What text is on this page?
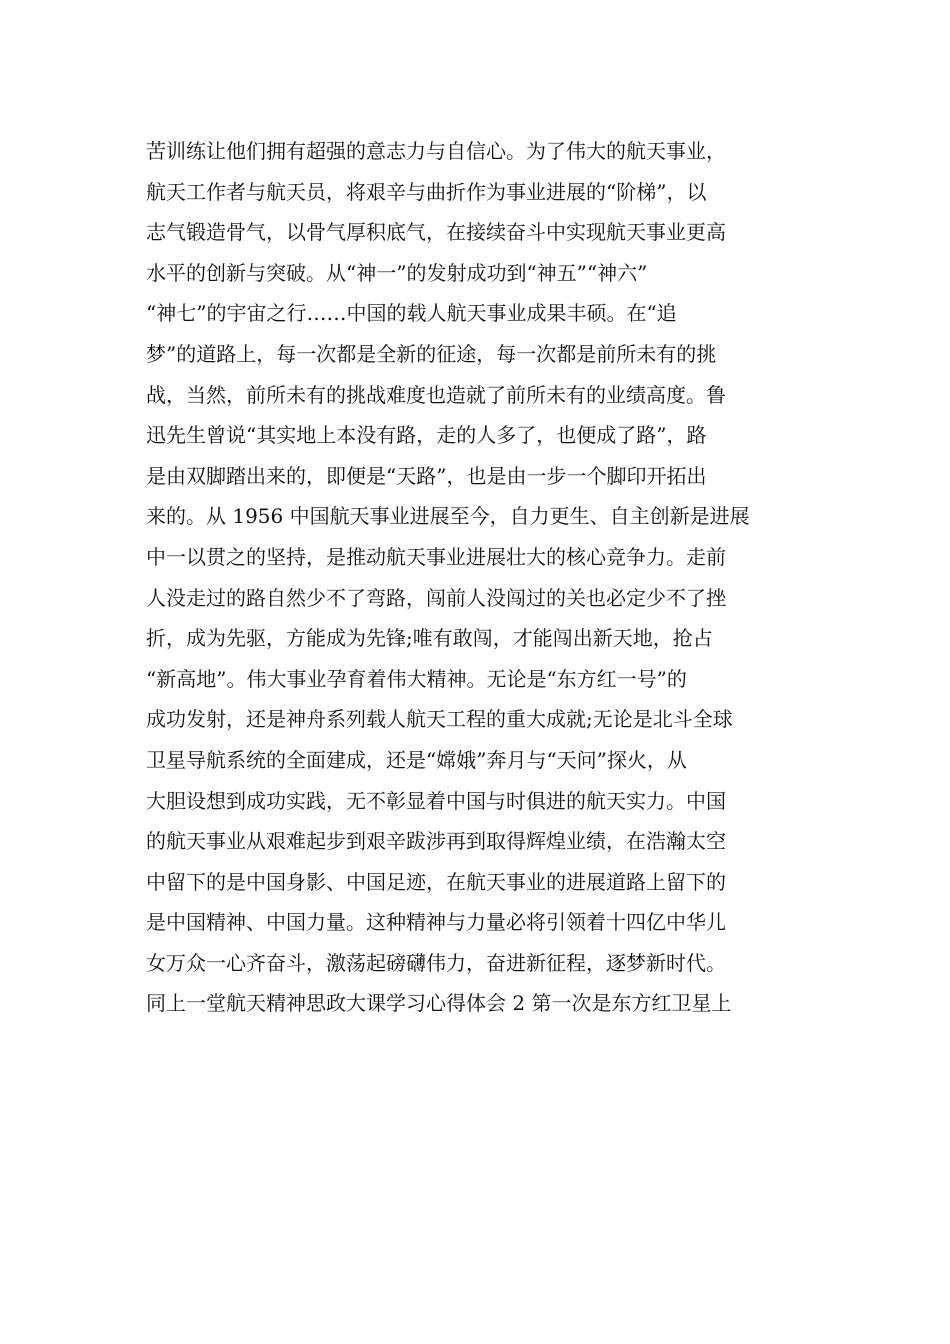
苦训练让他们拥有超强的意志力与自信心。为了伟大的航天事业，
航天工作者与航天员，将艰辛与曲折作为事业进展的“阶梯”，以
志气锻造骨气，以骨气厚积底气，在接续奋斗中实现航天事业更高
水平的创新与突破。从“神一”的发射成功到“神五”“神六”
“神七”的宇宙之行……中国的载人航天事业成果丰硕。在“追
梦”的道路上，每一次都是全新的征途，每一次都是前所未有的挑
战，当然，前所未有的挑战难度也造就了前所未有的业绩高度。鲁
迅先生曾说“其实地上本没有路，走的人多了，也便成了路”，路
是由双脚踏出来的，即便是“天路”，也是由一步一个脚印开拓出
来的。从 1956 中国航天事业进展至今，自力更生、自主创新是进展
中一以贯之的坚持，是推动航天事业进展壮大的核心竞争力。走前
人没走过的路自然少不了弯路，闯前人没闯过的关也必定少不了挫
折，成为先驱，方能成为先锋;唯有敢闯，才能闯出新天地，抢占
“新高地”。伟大事业孕育着伟大精神。无论是“东方红一号”的
成功发射，还是神舟系列载人航天工程的重大成就;无论是北斗全球
卫星导航系统的全面建成，还是“嫦娥”奔月与“天问”探火，从
大胆设想到成功实践，无不彰显着中国与时俱进的航天实力。中国
的航天事业从艰难起步到艰辛跋涉再到取得辉煌业绩，在浩瀚太空
中留下的是中国身影、中国足迹，在航天事业的进展道路上留下的
是中国精神、中国力量。这种精神与力量必将引领着十四亿中华儿
女万众一心齐奋斗，激荡起磅礴伟力，奋进新征程，逐梦新时代。
同上一堂航天精神思政大课学习心得体会 2 第一次是东方红卫星上
